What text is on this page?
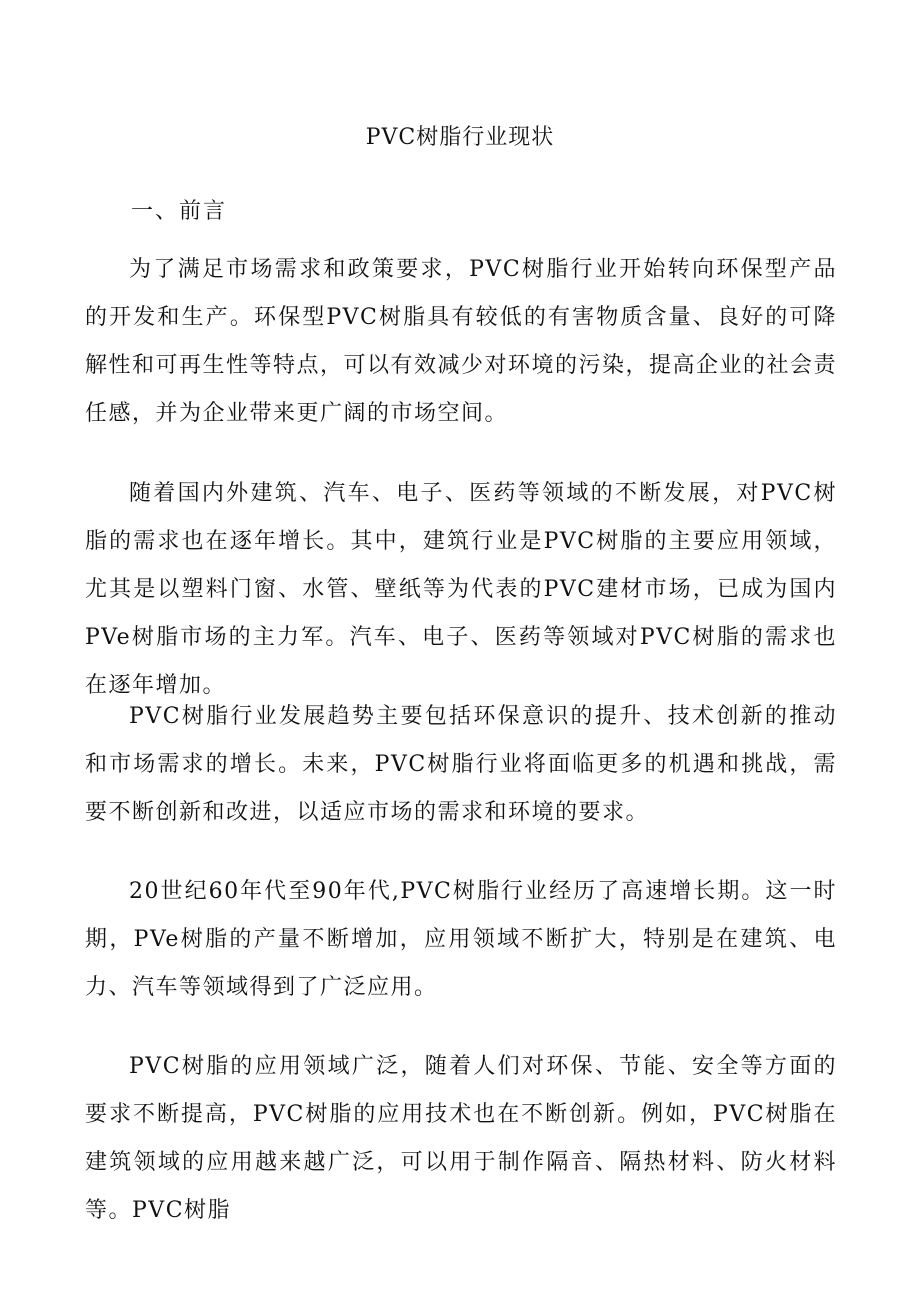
PVC树脂行业现状
一、前言

为了满足市场需求和政策要求，PVC树脂行业开始转向环保型产品的开发和生产。环保型PVC树脂具有较低的有害物质含量、良好的可降解性和可再生性等特点，可以有效减少对环境的污染，提高企业的社会责任感，并为企业带来更广阔的市场空间。

随着国内外建筑、汽车、电子、医药等领域的不断发展，对PVC树脂的需求也在逐年增长。其中，建筑行业是PVC树脂的主要应用领域，尤其是以塑料门窗、水管、壁纸等为代表的PVC建材市场，已成为国内PVe树脂市场的主力军。汽车、电子、医药等领域对PVC树脂的需求也在逐年增加。

PVC树脂行业发展趋势主要包括环保意识的提升、技术创新的推动和市场需求的增长。未来，PVC树脂行业将面临更多的机遇和挑战，需要不断创新和改进，以适应市场的需求和环境的要求。

20世纪60年代至90年代,PVC树脂行业经历了高速增长期。这一时期，PVe树脂的产量不断增加，应用领域不断扩大，特别是在建筑、电力、汽车等领域得到了广泛应用。

PVC树脂的应用领域广泛，随着人们对环保、节能、安全等方面的要求不断提高，PVC树脂的应用技术也在不断创新。例如，PVC树脂在建筑领域的应用越来越广泛，可以用于制作隔音、隔热材料、防火材料等。PVC树脂
